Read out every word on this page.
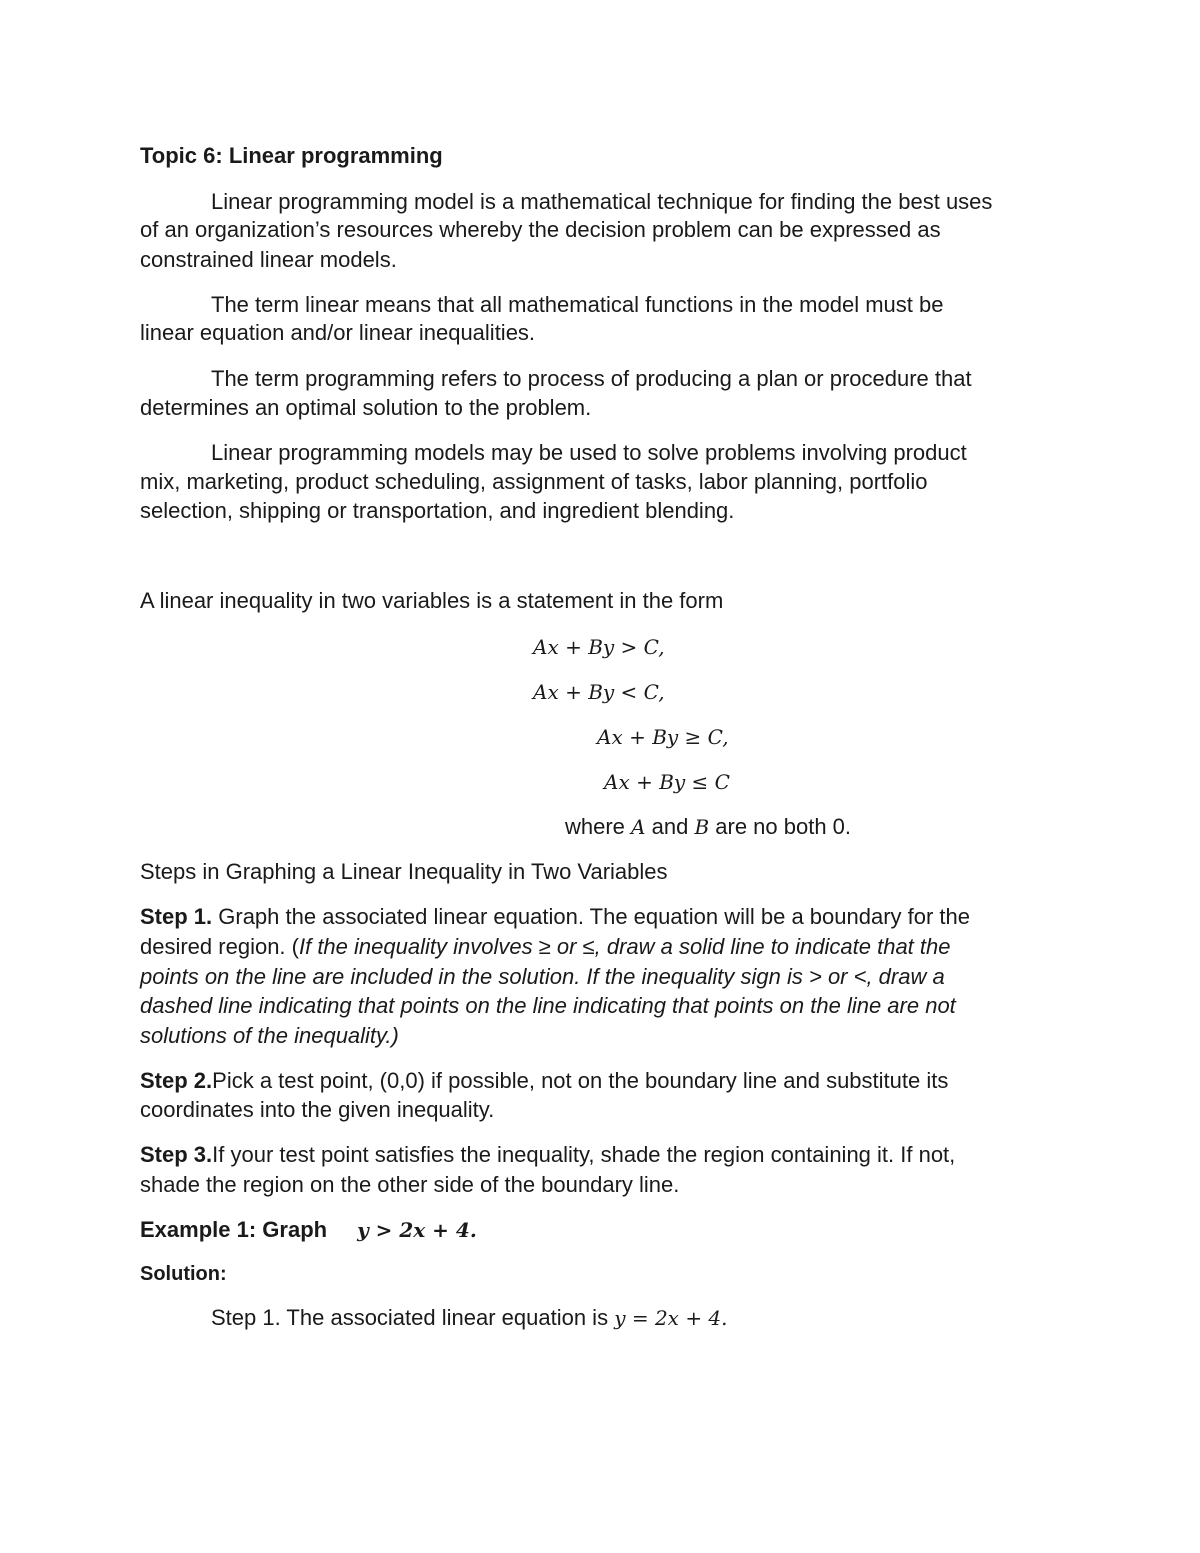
Topic 6: Linear programming

Linear programming model is a mathematical technique for finding the best uses

of an organization’s resources whereby the decision problem can be expressed as

constrained linear models.

The term linear means that all mathematical functions in the model must be

linear equation and/or linear inequalities.

The term programming refers to process of producing a plan or procedure that

determines an optimal solution to the problem.

Linear programming models may be used to solve problems involving product

mix, marketing, product scheduling, assignment of tasks, labor planning, portfolio

selection, shipping or transportation, and ingredient blending.

A linear inequality in two variables is a statement in the form

Ax + By > C,

Ax + By < C,

Ax + By ≥ C,

Ax + By ≤ C

where A and B are no both 0.

Steps in Graphing a Linear Inequality in Two Variables

Step 1. Graph the associated linear equation. The equation will be a boundary for the

desired region. (If the inequality involves ≥ or ≤, draw a solid line to indicate that the

points on the line are included in the solution. If the inequality sign is > or <, draw a

dashed line indicating that points on the line indicating that points on the line are not

solutions of the inequality.)

Step 2.Pick a test point, (0,0) if possible, not on the boundary line and substitute its

coordinates into the given inequality.

Step 3.If your test point satisfies the inequality, shade the region containing it. If not,

shade the region on the other side of the boundary line.

Example 1: Graph y > 2x + 4.

Solution:

Step 1. The associated linear equation is y = 2x + 4.
